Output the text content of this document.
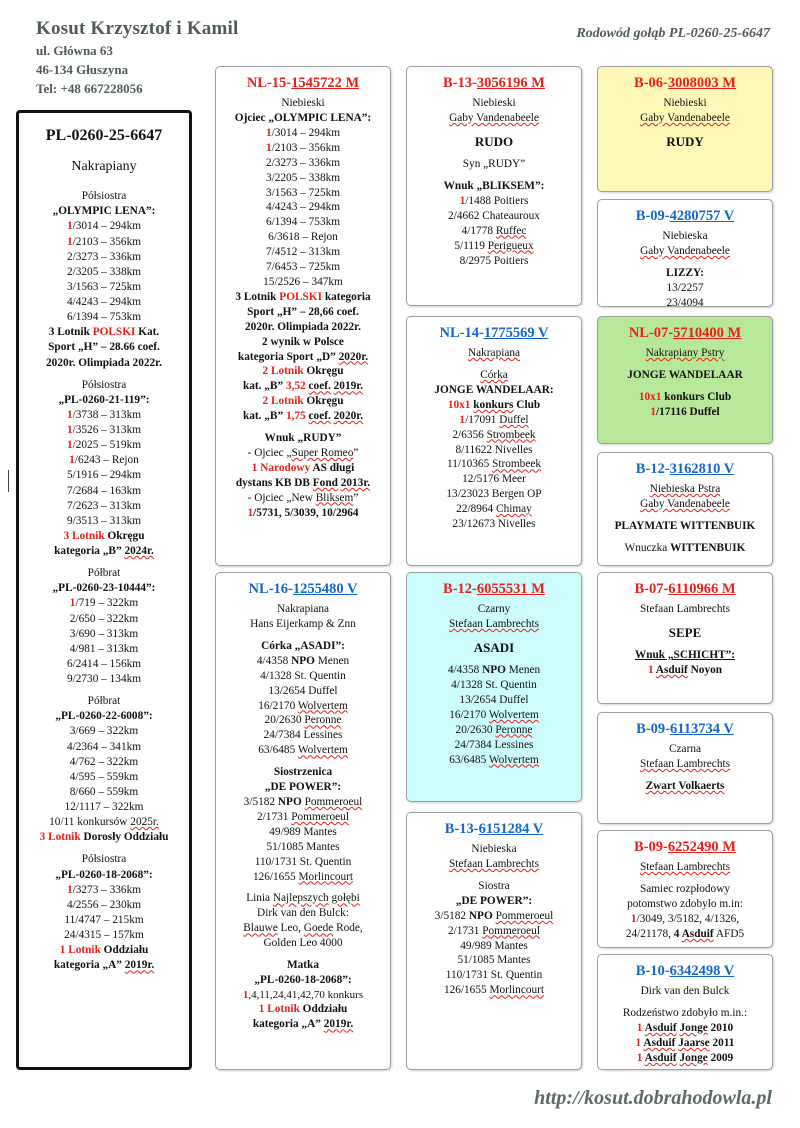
Kosut Krzysztof i Kamil
ul. Główna 63
46-134 Głuszyna
Tel: +48 667228056
Rodowód gołąb PL-0260-25-6647
PL-0260-25-6647
Nakrapiany
Półsiostra
„OLYMPIC LENA”:
1/3014 – 294km
1/2103 – 356km
2/3273 – 336km
2/3205 – 338km
3/1563 – 725km
4/4243 – 294km
6/1394 – 753km
3 Lotnik POLSKI Kat.
Sport „H” – 28.66 coef.
2020r. Olimpiada 2022r.
Półsiostra
„PL-0260-21-119”:
1/3738 – 313km
1/3526 – 313km
1/2025 – 519km
1/6243 – Rejon
5/1916 – 294km
7/2684 – 163km
7/2623 – 313km
9/3513 – 313km
3 Lotnik Okręgu
kategoria „B” 2024r.
Półbrat
„PL-0260-23-10444”:
1/719 – 322km
2/650 – 322km
3/690 – 313km
4/981 – 313km
6/2414 – 156km
9/2730 – 134km
Półbrat
„PL-0260-22-6008”:
3/669 – 322km
4/2364 – 341km
4/762 – 322km
4/595 – 559km
8/660 – 559km
12/1117 – 322km
10/11 konkursów 2025r.
3 Lotnik Dorosły Oddziału
Półsiostra
„PL-0260-18-2068”:
1/3273 – 336km
4/2556 – 230km
11/4747 – 215km
24/4315 – 157km
1 Lotnik Oddziału
kategoria „A” 2019r.
NL-15-1545722 M
Niebieski
Ojciec „OLYMPIC LENA”:
1/3014 – 294km
1/2103 – 356km
2/3273 – 336km
3/2205 – 338km
3/1563 – 725km
4/4243 – 294km
6/1394 – 753km
6/3618 – Rejon
7/4512 – 313km
7/6453 – 725km
15/2526 – 347km
3 Lotnik POLSKI kategoria
Sport „H” – 28,66 coef.
2020r. Olimpiada 2022r.
2 wynik w Polsce
kategoria Sport „D” 2020r.
2 Lotnik Okręgu
kat. „B” 3,52 coef. 2019r.
2 Lotnik Okręgu
kat. „B” 1,75 coef. 2020r.
Wnuk „RUDY”
- Ojciec „Super Romeo”
1 Narodowy AS długi
dystans KB DB Fond 2013r.
- Ojciec „New Bliksem”
1/5731, 5/3039, 10/2964
NL-16-1255480 V
Nakrapiana
Hans Eijerkamp & Znn
Córka „ASADI”:
4/4358 NPO Menen
4/1328 St. Quentin
13/2654 Duffel
16/2170 Wolvertem
20/2630 Peronne
24/7384 Lessines
63/6485 Wolvertem
Siostrzenica
„DE POWER”:
3/5182 NPO Pommeroeul
2/1731 Pommeroeul
49/989 Mantes
51/1085 Mantes
110/1731 St. Quentin
126/1655 Morlincourt
Linia Najlepszych gołębi
Dirk van den Bulck:
Blauwe Leo, Goede Rode,
Golden Leo 4000
Matka
„PL-0260-18-2068”:
1,4,11,24,41,42,70 konkurs
1 Lotnik Oddziału
kategoria „A” 2019r.
B-13-3056196 M
Niebieski
Gaby Vandenabeele
RUDO
Syn „RUDY”
Wnuk „BLIKSEM”:
1/1488 Poitiers
2/4662 Chateauroux
4/1778 Ruffec
5/1119 Perigueux
8/2975 Poitiers
NL-14-1775569 V
Nakrapiana
Córka
JONGE WANDELAAR:
10x1 konkurs Club
1/17091 Duffel
2/6356 Strombeek
8/11622 Nivelles
11/10365 Strombeek
12/5176 Meer
13/23023 Bergen OP
22/8964 Chimay
23/12673 Nivelles
B-12-6055531 M
Czarny
Stefaan Lambrechts
ASADI
4/4358 NPO Menen
4/1328 St. Quentin
13/2654 Duffel
16/2170 Wolvertem
20/2630 Peronne
24/7384 Lessines
63/6485 Wolvertem
B-13-6151284 V
Niebieska
Stefaan Lambrechts
Siostra
„DE POWER”:
3/5182 NPO Pommeroeul
2/1731 Pommeroeul
49/989 Mantes
51/1085 Mantes
110/1731 St. Quentin
126/1655 Morlincourt
B-06-3008003 M
Niebieski
Gaby Vandenabeele
RUDY
B-09-4280757 V
Niebieska
Gaby Vandenabeele
LIZZY:
13/2257
23/4094
NL-07-5710400 M
Nakrapiany Pstry
JONGE WANDELAAR
10x1 konkurs Club
1/17116 Duffel
B-12-3162810 V
Niebieska Pstra
Gaby Vandenabeele
PLAYMATE WITTENBUIK
Wnuczka WITTENBUIK
B-07-6110966 M
Stefaan Lambrechts
SEPE
Wnuk „SCHICHT”:
1 Asduif Noyon
B-09-6113734 V
Czarna
Stefaan Lambrechts
Zwart Volkaerts
B-09-6252490 M
Stefaan Lambrechts
Samiec rozpłodowy
potomstwo zdobyło m.in:
1/3049, 3/5182, 4/1326,
24/21178, 4 Asduif AFD5
B-10-6342498 V
Dirk van den Bulck
Rodzeństwo zdobyło m.in.:
1 Asduif Jonge 2010
1 Asduif Jaarse 2011
1 Asduif Jonge 2009
http://kosut.dobrahodowla.pl
